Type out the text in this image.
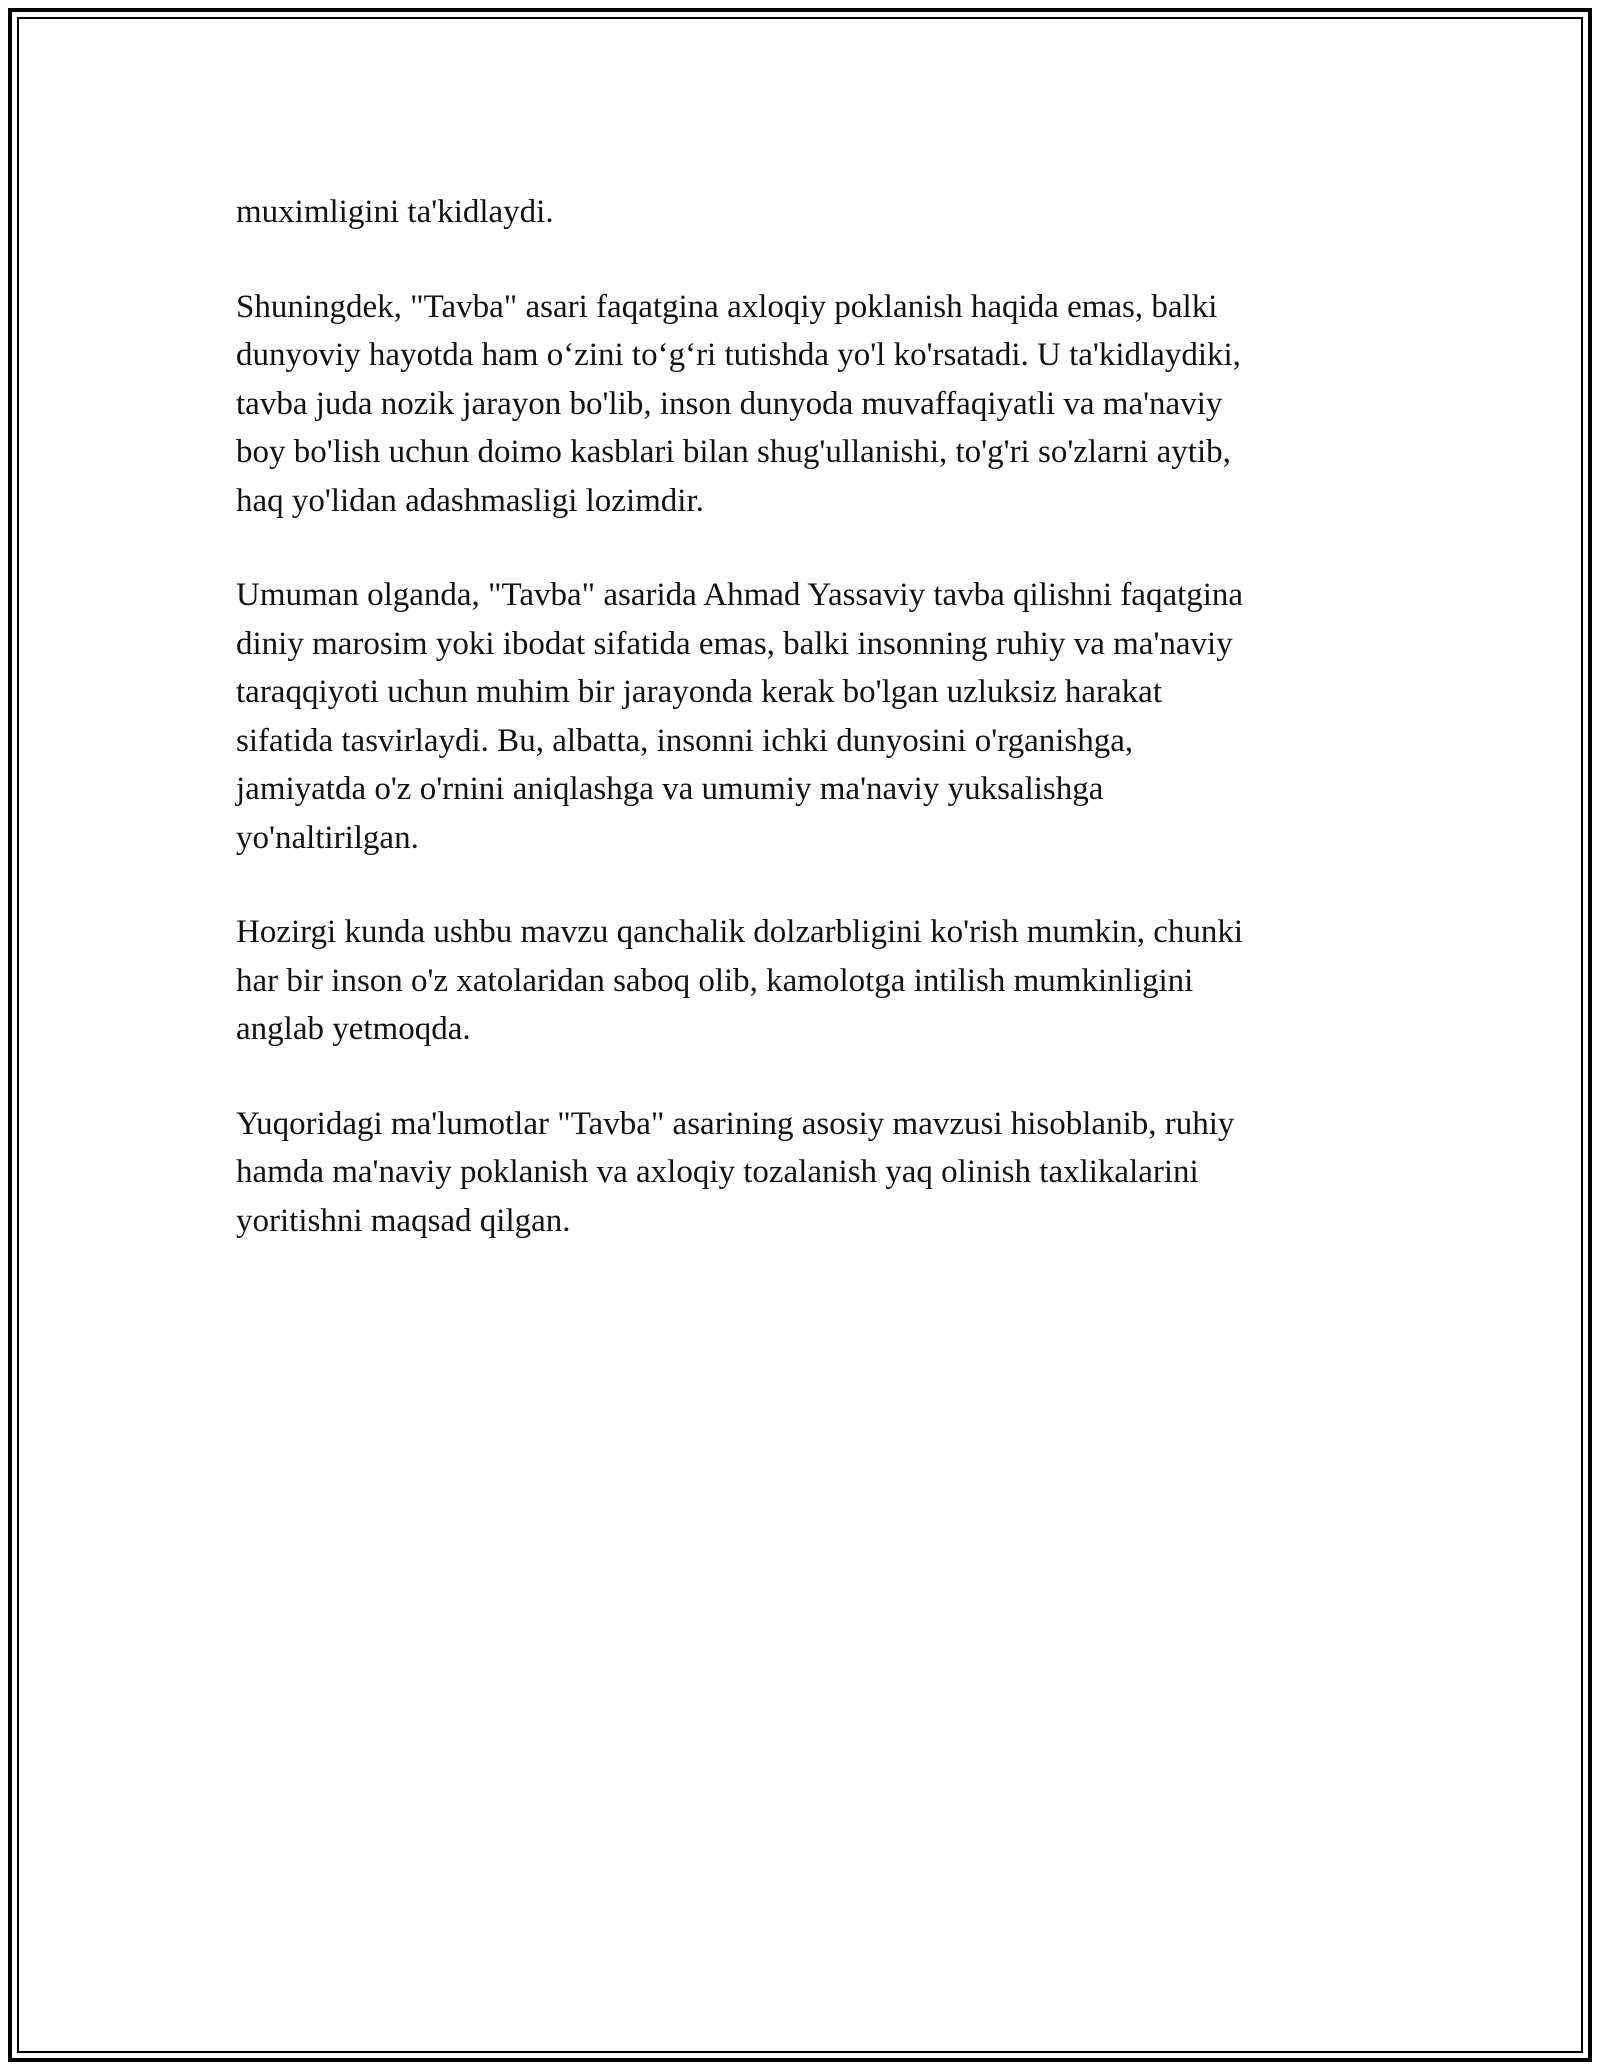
muximligini ta'kidlaydi.

Shuningdek, "Tavba" asari faqatgina axloqiy poklanish haqida emas, balki
dunyoviy hayotda ham o‘zini to‘g‘ri tutishda yo'l ko'rsatadi. U ta'kidlaydiki,
tavba juda nozik jarayon bo'lib, inson dunyoda muvaffaqiyatli va ma'naviy
boy bo'lish uchun doimo kasblari bilan shug'ullanishi, to'g'ri so'zlarni aytib,
haq yo'lidan adashmasligi lozimdir.

Umuman olganda, "Tavba" asarida Ahmad Yassaviy tavba qilishni faqatgina
diniy marosim yoki ibodat sifatida emas, balki insonning ruhiy va ma'naviy
taraqqiyoti uchun muhim bir jarayonda kerak bo'lgan uzluksiz harakat
sifatida tasvirlaydi. Bu, albatta, insonni ichki dunyosini o'rganishga,
jamiyatda o'z o'rnini aniqlashga va umumiy ma'naviy yuksalishga
yo'naltirilgan.

Hozirgi kunda ushbu mavzu qanchalik dolzarbligini ko'rish mumkin, chunki
har bir inson o'z xatolaridan saboq olib, kamolotga intilish mumkinligini
anglab yetmoqda.

Yuqoridagi ma'lumotlar "Tavba" asarining asosiy mavzusi hisoblanib, ruhiy
hamda ma'naviy poklanish va axloqiy tozalanish yaq olinish taxlikalarini
yoritishni maqsad qilgan.
